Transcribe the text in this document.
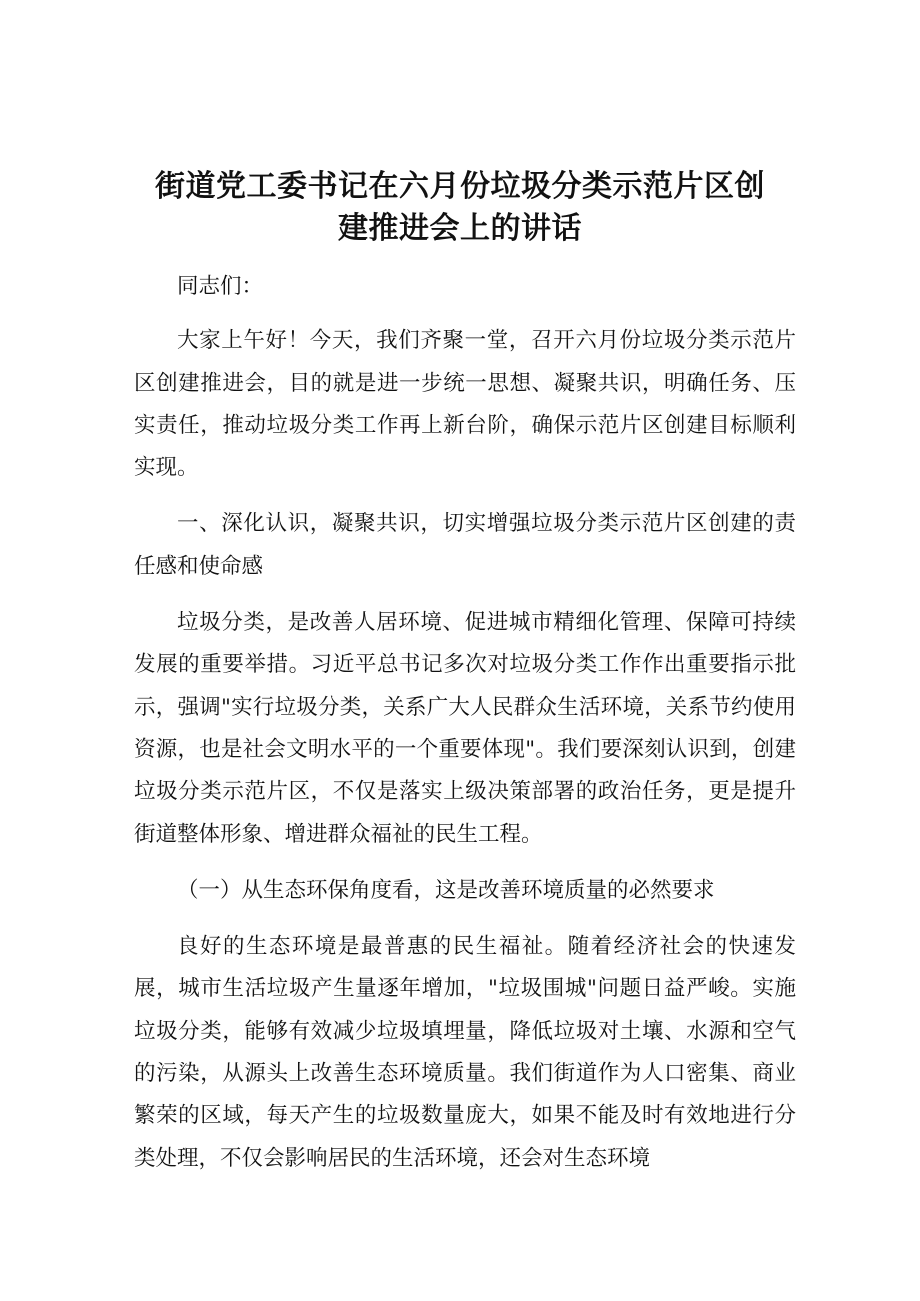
街道党工委书记在六月份垃圾分类示范片区创
建推进会上的讲话

同志们：

大家上午好！今天，我们齐聚一堂，召开六月份垃圾分类示范片区创建推进会，目的就是进一步统一思想、凝聚共识，明确任务、压实责任，推动垃圾分类工作再上新台阶，确保示范片区创建目标顺利实现。

一、深化认识，凝聚共识，切实增强垃圾分类示范片区创建的责任感和使命感

垃圾分类，是改善人居环境、促进城市精细化管理、保障可持续发展的重要举措。习近平总书记多次对垃圾分类工作作出重要指示批示，强调"实行垃圾分类，关系广大人民群众生活环境，关系节约使用资源，也是社会文明水平的一个重要体现"。我们要深刻认识到，创建垃圾分类示范片区，不仅是落实上级决策部署的政治任务，更是提升街道整体形象、增进群众福祉的民生工程。

（一）从生态环保角度看，这是改善环境质量的必然要求

良好的生态环境是最普惠的民生福祉。随着经济社会的快速发展，城市生活垃圾产生量逐年增加，"垃圾围城"问题日益严峻。实施垃圾分类，能够有效减少垃圾填埋量，降低垃圾对土壤、水源和空气的污染，从源头上改善生态环境质量。我们街道作为人口密集、商业繁荣的区域，每天产生的垃圾数量庞大，如果不能及时有效地进行分类处理，不仅会影响居民的生活环境，还会对生态环境
